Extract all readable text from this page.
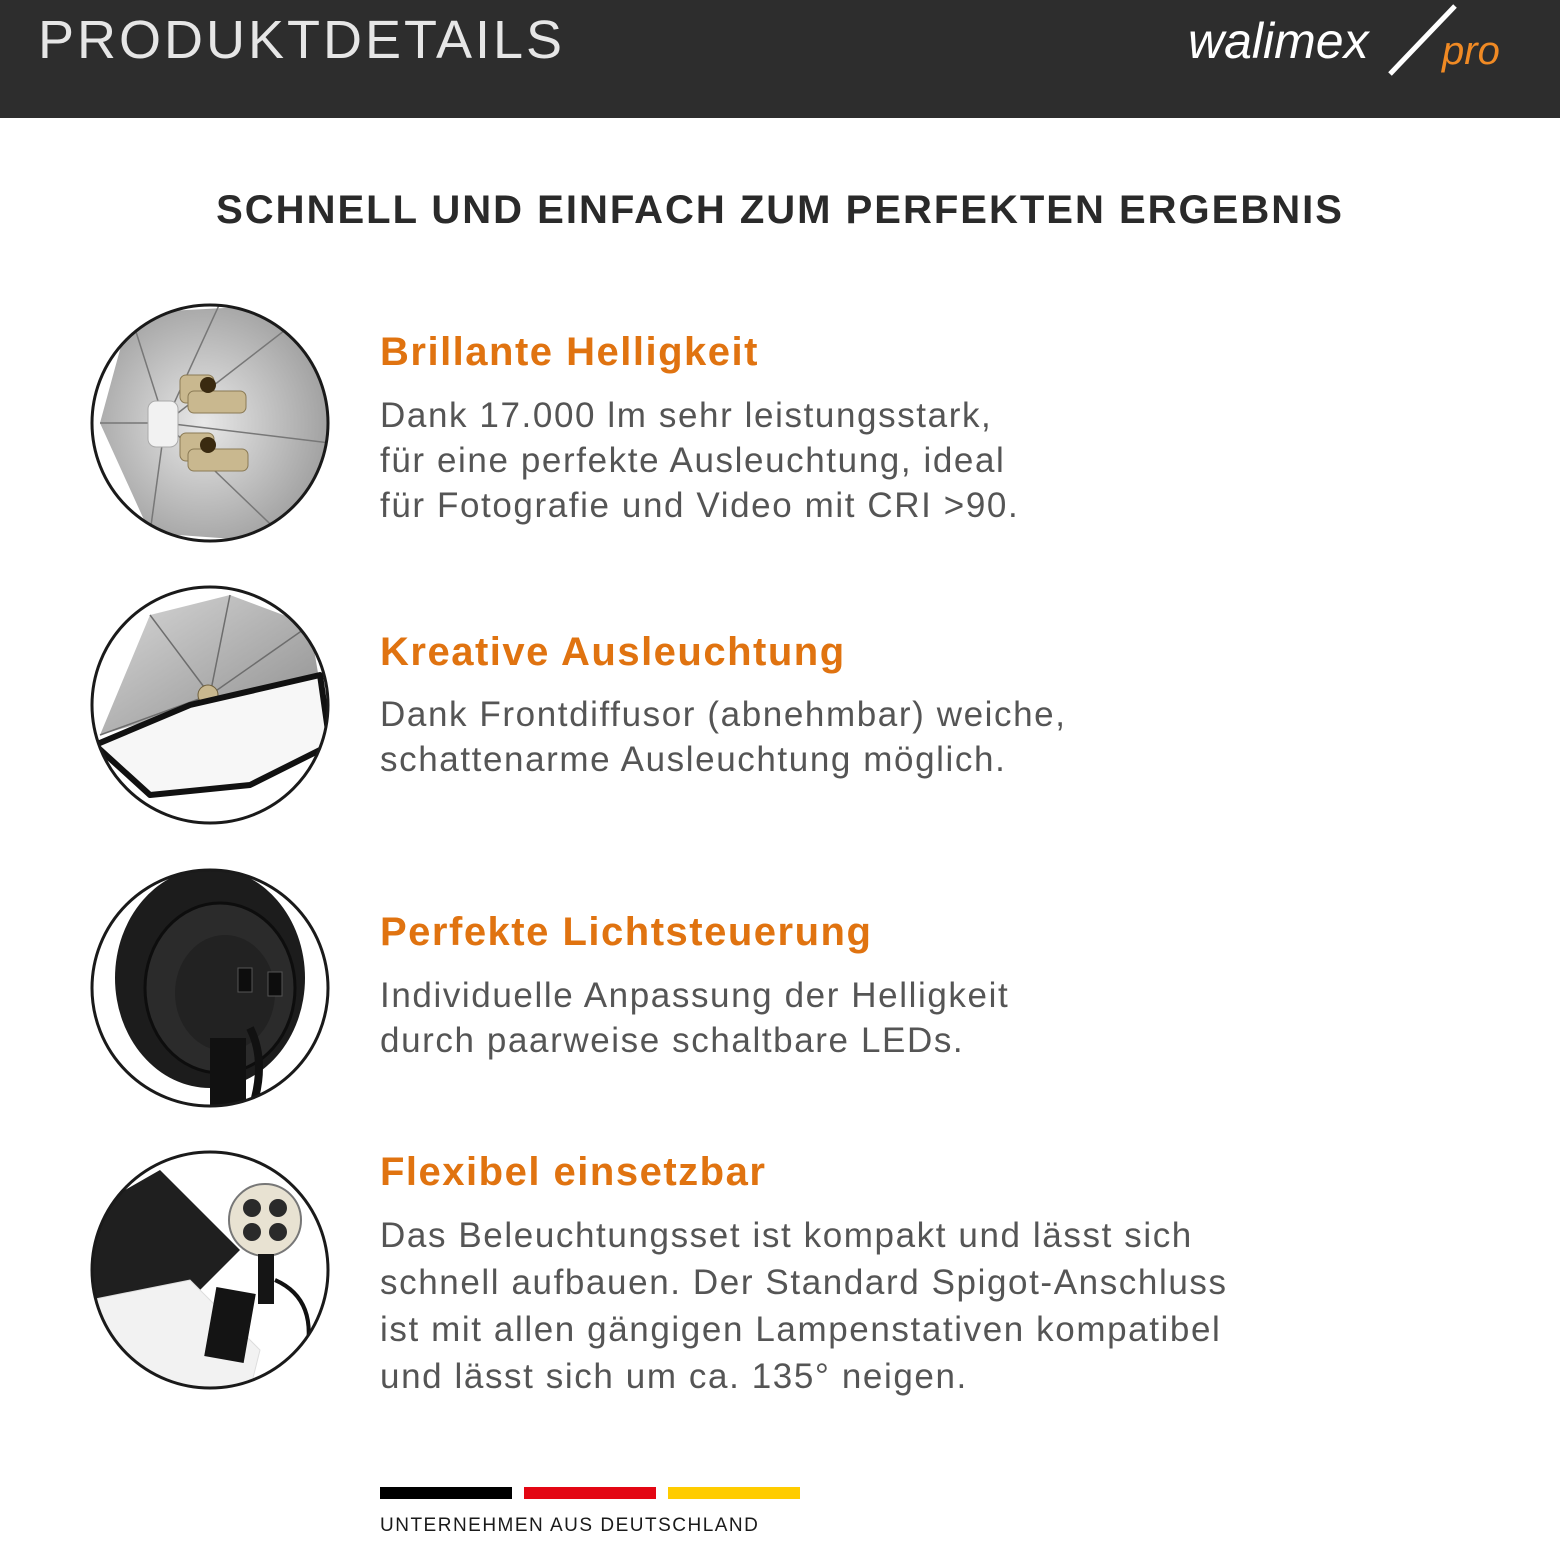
PRODUKTDETAILS	walimex pro
SCHNELL UND EINFACH ZUM PERFEKTEN ERGEBNIS
Brillante Helligkeit
Dank 17.000 lm sehr leistungsstark,
für eine perfekte Ausleuchtung, ideal
für Fotografie und Video mit CRI >90.
Kreative Ausleuchtung
Dank Frontdiffusor (abnehmbar) weiche,
schattenarme Ausleuchtung möglich.
Perfekte Lichtsteuerung
Individuelle Anpassung der Helligkeit
durch paarweise schaltbare LEDs.
Flexibel einsetzbar
Das Beleuchtungsset ist kompakt und lässt sich
schnell aufbauen. Der Standard Spigot-Anschluss
ist mit allen gängigen Lampenstativen kompatibel
und lässt sich um ca. 135° neigen.
UNTERNEHMEN AUS DEUTSCHLAND
